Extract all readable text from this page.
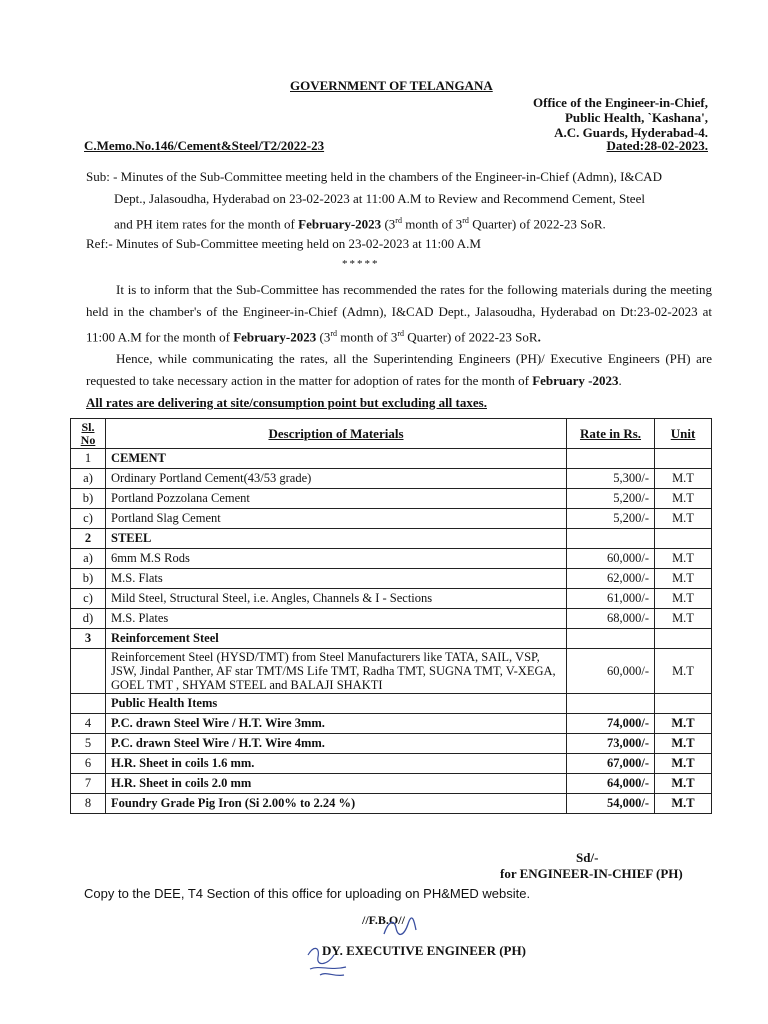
GOVERNMENT OF TELANGANA
Office of the Engineer-in-Chief,
Public Health, `Kashana',
A.C. Guards, Hyderabad-4.
C.Memo.No.146/Cement&Steel/T2/2022-23	Dated:28-02-2023.
Sub: - Minutes of the Sub-Committee meeting held in the chambers of the Engineer-in-Chief (Admn), I&CAD
Dept., Jalasoudha, Hyderabad on 23-02-2023 at 11:00 A.M to Review and Recommend Cement, Steel
and PH item rates for the month of February-2023 (3rd month of 3rd Quarter) of 2022-23 SoR.
Ref:- Minutes of Sub-Committee meeting held on 23-02-2023 at 11:00 A.M
*****

It is to inform that the Sub-Committee has recommended the rates for the following materials during the meeting held in the chamber's of the Engineer-in-Chief (Admn), I&CAD Dept., Jalasoudha, Hyderabad on Dt:23-02-2023 at 11:00 A.M for the month of February-2023 (3rd month of 3rd Quarter) of 2022-23 SoR.

Hence, while communicating the rates, all the Superintending Engineers (PH)/ Executive Engineers (PH) are requested to take necessary action in the matter for adoption of rates for the month of February -2023.

All rates are delivering at site/consumption point but excluding all taxes.
Sl. No	Description of Materials	Rate in Rs.	Unit
1	CEMENT		
a)	Ordinary Portland Cement(43/53 grade)	5,300/-	M.T
b)	Portland Pozzolana Cement	5,200/-	M.T
c)	Portland Slag Cement	5,200/-	M.T
2	STEEL		
a)	6mm M.S Rods	60,000/-	M.T
b)	M.S. Flats	62,000/-	M.T
c)	Mild Steel, Structural Steel, i.e. Angles, Channels & I - Sections	61,000/-	M.T
d)	M.S. Plates	68,000/-	M.T
3	Reinforcement Steel		
	Reinforcement Steel (HYSD/TMT) from Steel Manufacturers like TATA, SAIL, VSP, JSW, Jindal Panther, AF star TMT/MS Life TMT, Radha TMT, SUGNA TMT, V-XEGA, GOEL TMT , SHYAM STEEL and BALAJI SHAKTI	60,000/-	M.T
	Public Health Items		
4	P.C. drawn Steel Wire / H.T. Wire 3mm.	74,000/-	M.T
5	P.C. drawn Steel Wire / H.T. Wire 4mm.	73,000/-	M.T
6	H.R. Sheet in coils 1.6 mm.	67,000/-	M.T
7	H.R. Sheet in coils 2.0 mm	64,000/-	M.T
8	Foundry Grade Pig Iron (Si 2.00% to 2.24 %)	54,000/-	M.T
Sd/-
for ENGINEER-IN-CHIEF (PH)
Copy to the DEE, T4 Section of this office for uploading on PH&MED website.
//F.B.O//
DY. EXECUTIVE ENGINEER (PH)
